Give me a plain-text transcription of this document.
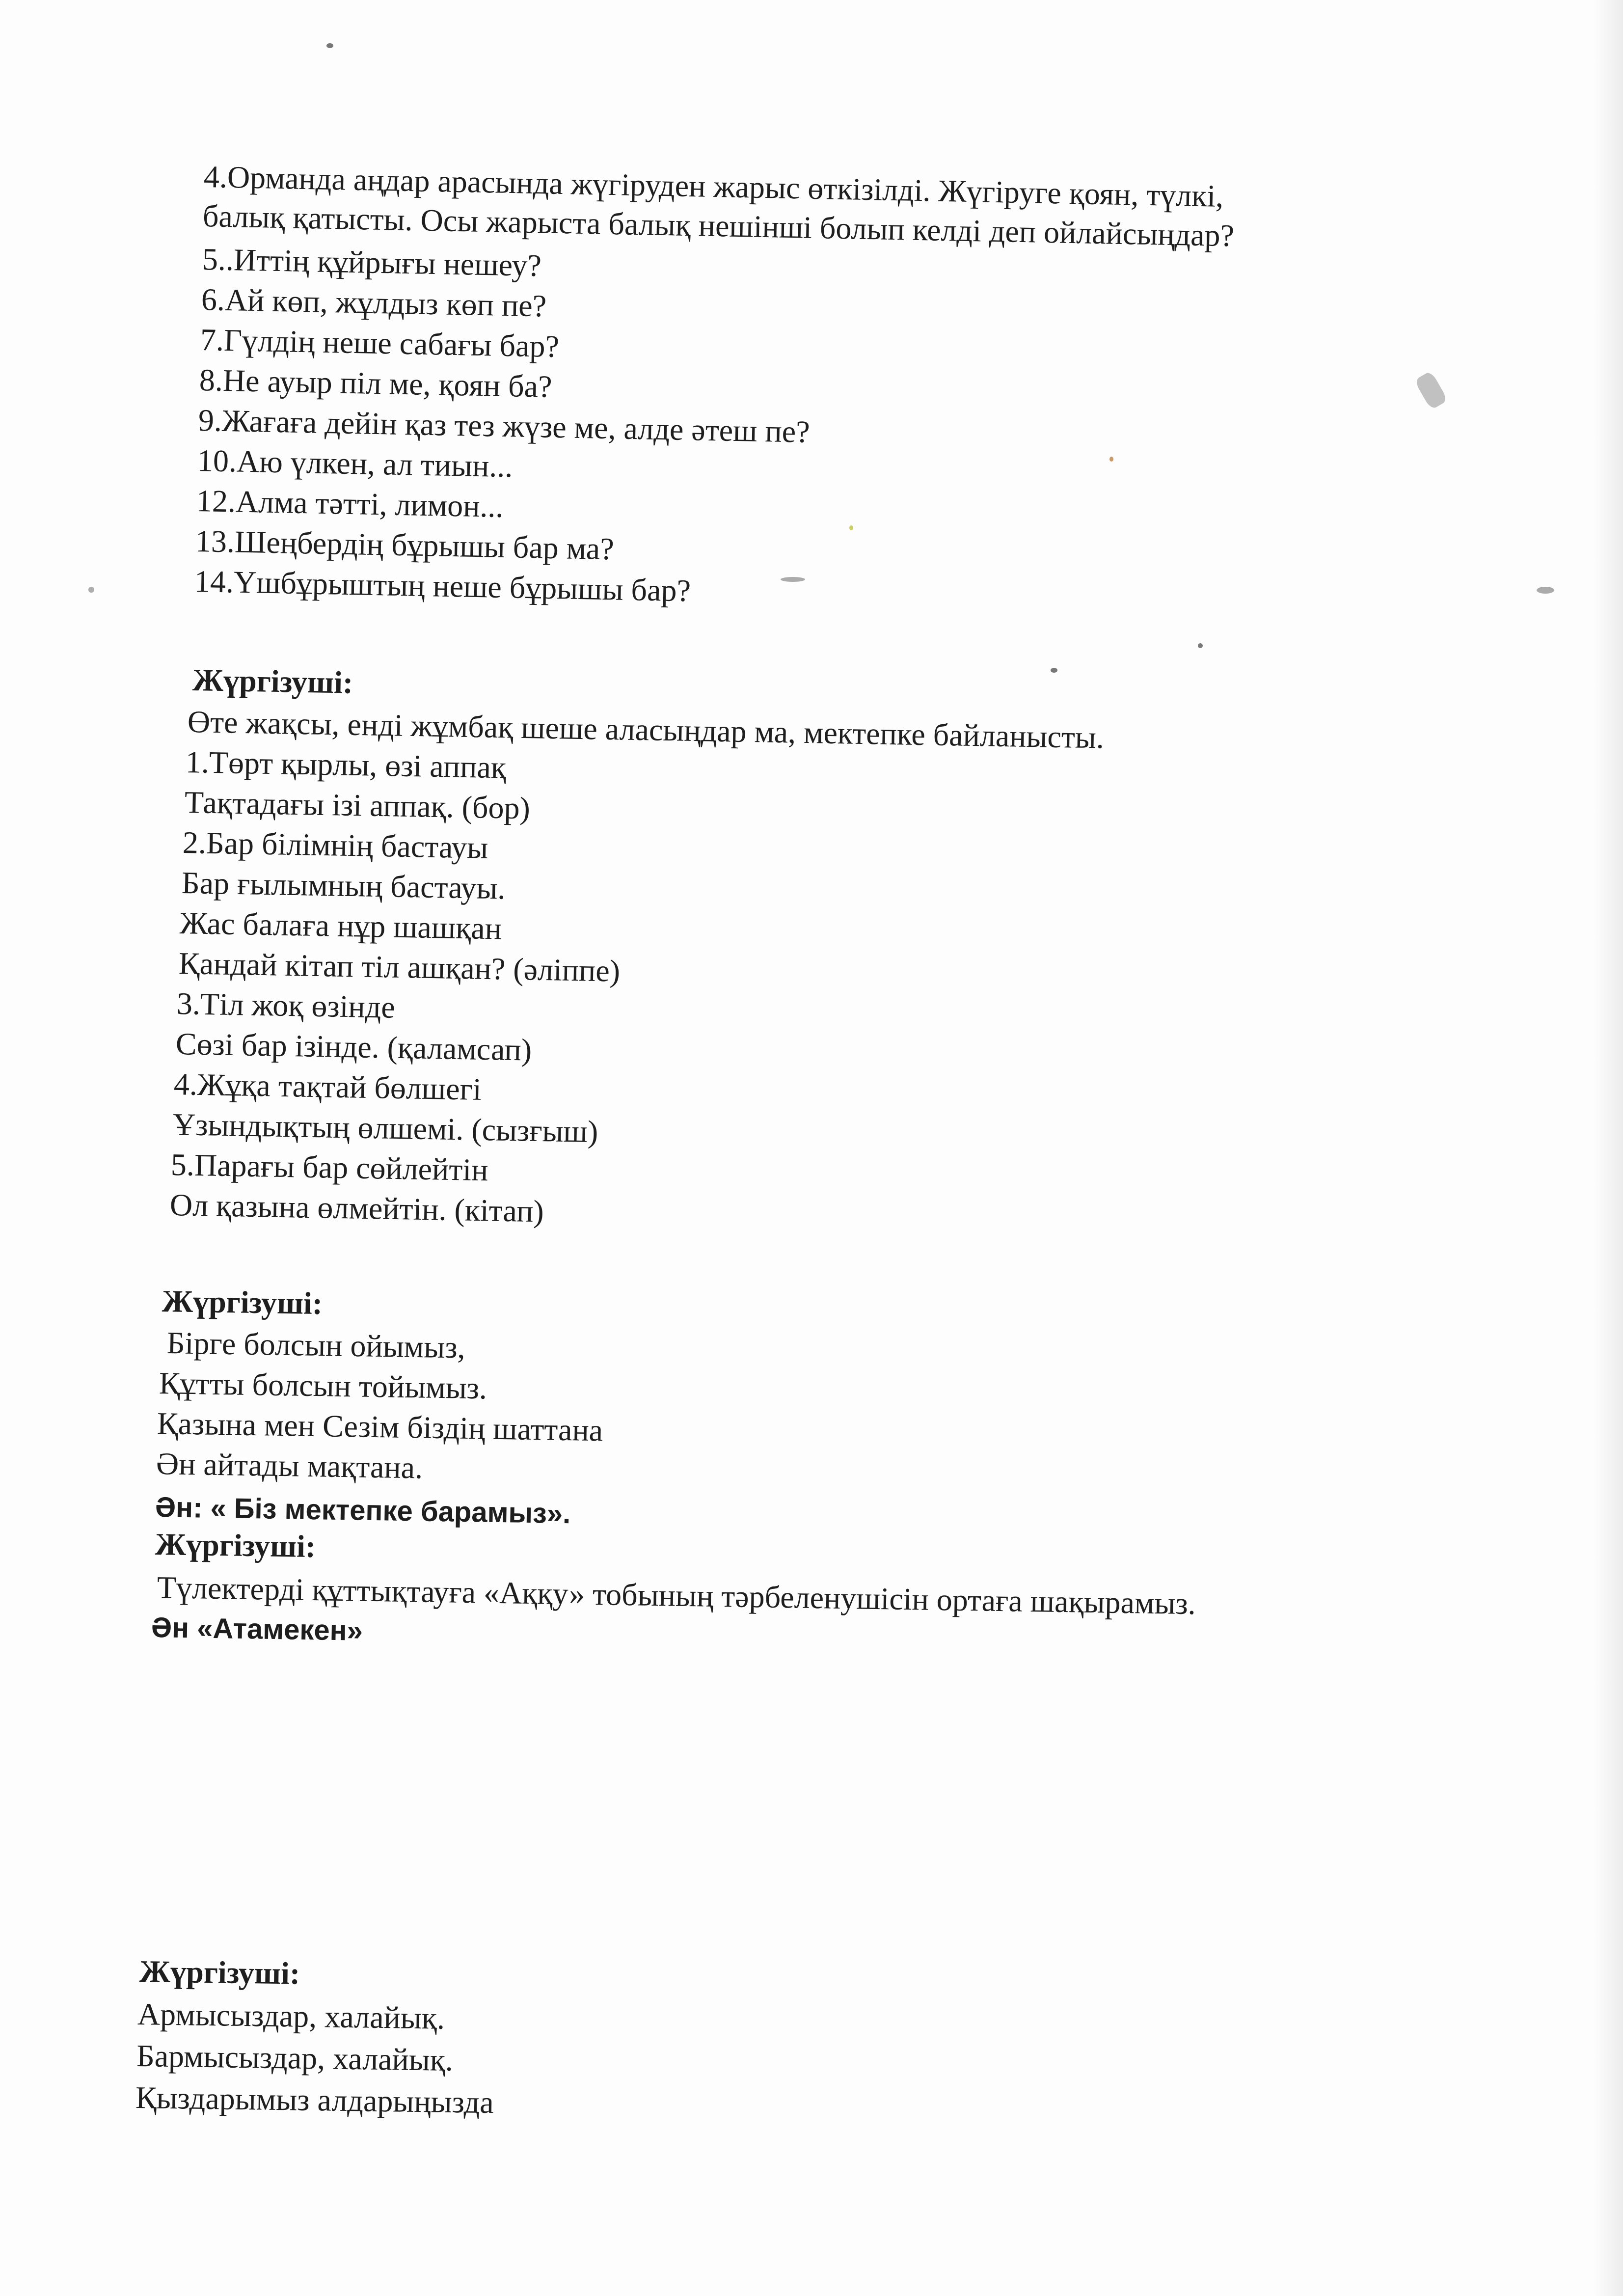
4.Орманда аңдар арасында жүгіруден жарыс өткізілді. Жүгіруге қоян, түлкі,
балық қатысты. Осы жарыста балық нешінші болып келді деп ойлайсыңдар?
5..Иттің құйрығы нешеу?
6.Ай көп, жұлдыз көп пе?
7.Гүлдің неше сабағы бар?
8.Не ауыр піл ме, қоян ба?
9.Жағаға дейін қаз тез жүзе ме, алде әтеш пе?
10.Аю үлкен, ал тиын...
12.Алма тәтті, лимон...
13.Шеңбердің бұрышы бар ма?
14.Үшбұрыштың неше бұрышы бар?
Жүргізуші:
Өте жақсы, енді жұмбақ шеше аласыңдар ма, мектепке байланысты.
1.Төрт қырлы, өзі аппақ
Тақтадағы ізі аппақ. (бор)
2.Бар білімнің бастауы
Бар ғылымның бастауы.
Жас балаға нұр шашқан
Қандай кітап тіл ашқан? (әліппе)
3.Тіл жоқ өзінде
Сөзі бар ізінде. (қаламсап)
4.Жұқа тақтай бөлшегі
Ұзындықтың өлшемі. (сызғыш)
5.Парағы бар сөйлейтін
Ол қазына өлмейтін. (кітап)
Жүргізуші:
Бірге болсын ойымыз,
Құтты болсын тойымыз.
Қазына мен Сезім біздің шаттана
Ән айтады мақтана.
Ән: « Біз мектепке барамыз».
Жүргізуші:
Түлектерді құттықтауға «Аққу» тобының тәрбеленушісін ортаға шақырамыз.
Ән «Атамекен»
Жүргізуші:
Армысыздар, халайық.
Бармысыздар, халайық.
Қыздарымыз алдарыңызда
